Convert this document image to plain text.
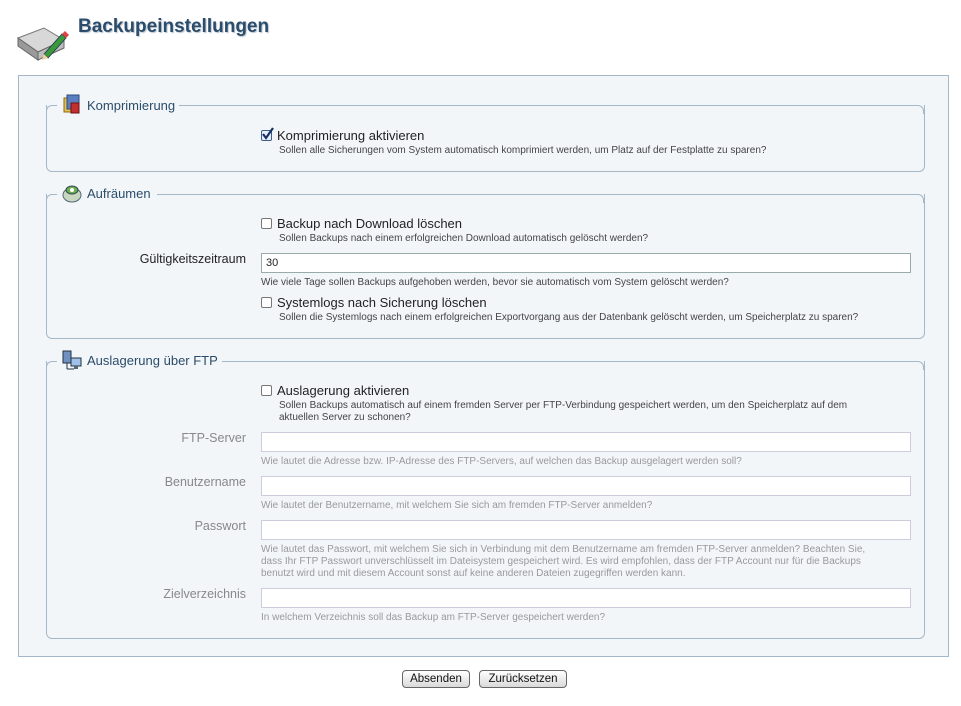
Backupeinstellungen
Komprimierung
Komprimierung aktivieren
Sollen alle Sicherungen vom System automatisch komprimiert werden, um Platz auf der Festplatte zu sparen?
Aufräumen
Backup nach Download löschen
Sollen Backups nach einem erfolgreichen Download automatisch gelöscht werden?
Gültigkeitszeitraum	30
Wie viele Tage sollen Backups aufgehoben werden, bevor sie automatisch vom System gelöscht werden?
Systemlogs nach Sicherung löschen
Sollen die Systemlogs nach einem erfolgreichen Exportvorgang aus der Datenbank gelöscht werden, um Speicherplatz zu sparen?
Auslagerung über FTP
Auslagerung aktivieren
Sollen Backups automatisch auf einem fremden Server per FTP-Verbindung gespeichert werden, um den Speicherplatz auf dem
aktuellen Server zu schonen?
FTP-Server
Wie lautet die Adresse bzw. IP-Adresse des FTP-Servers, auf welchen das Backup ausgelagert werden soll?
Benutzername
Wie lautet der Benutzername, mit welchem Sie sich am fremden FTP-Server anmelden?
Passwort
Wie lautet das Passwort, mit welchem Sie sich in Verbindung mit dem Benutzername am fremden FTP-Server anmelden? Beachten Sie,
dass Ihr FTP Passwort unverschlüsselt im Dateisystem gespeichert wird. Es wird empfohlen, dass der FTP Account nur für die Backups
benutzt wird und mit diesem Account sonst auf keine anderen Dateien zugegriffen werden kann.
Zielverzeichnis
In welchem Verzeichnis soll das Backup am FTP-Server gespeichert werden?
Absenden	Zurücksetzen
